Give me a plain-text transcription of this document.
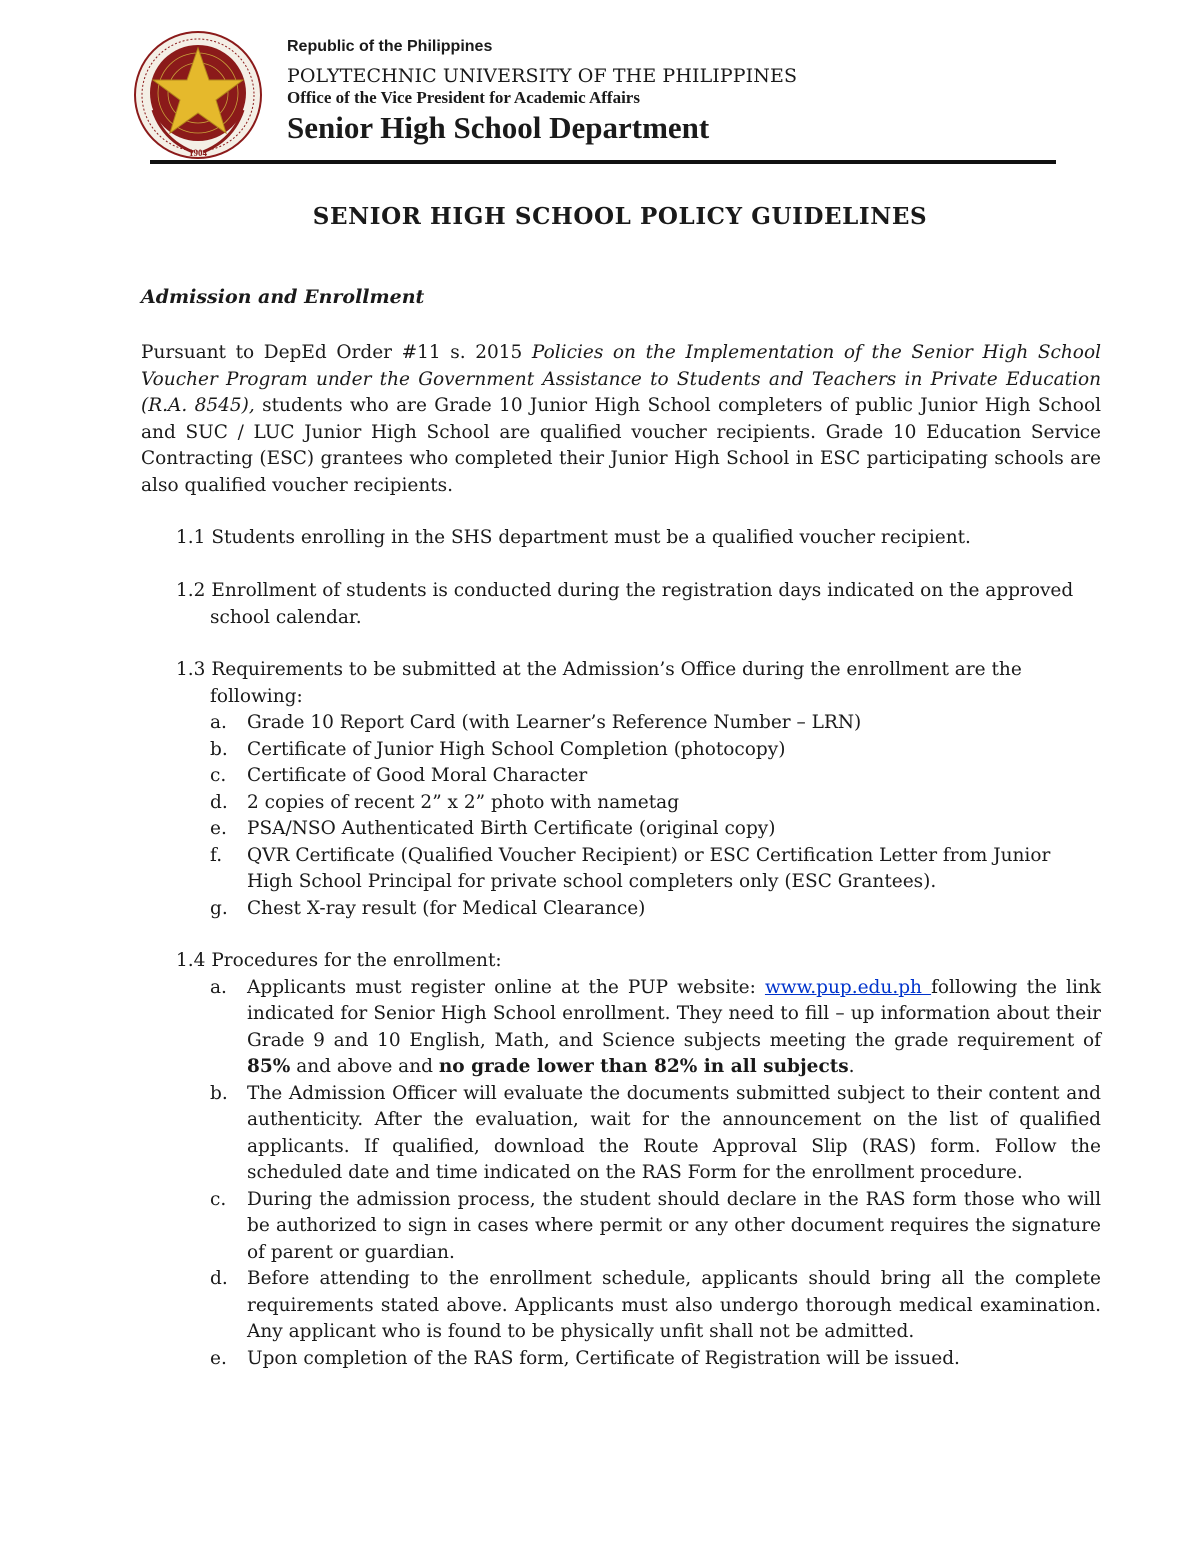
1904
Republic of the Philippines
POLYTECHNIC UNIVERSITY OF THE PHILIPPINES
Office of the Vice President for Academic Affairs
Senior High School Department
SENIOR HIGH SCHOOL POLICY GUIDELINES
Admission and Enrollment
Pursuant to DepEd Order #11 s. 2015 Policies on the Implementation of the Senior High School Voucher Program under the Government Assistance to Students and Teachers in Private Education (R.A. 8545), students who are Grade 10 Junior High School completers of public Junior High School and SUC / LUC Junior High School are qualified voucher recipients. Grade 10 Education Service Contracting (ESC) grantees who completed their Junior High School in ESC participating schools are also qualified voucher recipients.
1.1 Students enrolling in the SHS department must be a qualified voucher recipient.
1.2 Enrollment of students is conducted during the registration days indicated on the approved
school calendar.
1.3 Requirements to be submitted at the Admission’s Office during the enrollment are the
following:
a. Grade 10 Report Card (with Learner’s Reference Number – LRN)
b. Certificate of Junior High School Completion (photocopy)
c. Certificate of Good Moral Character
d. 2 copies of recent 2” x 2” photo with nametag
e. PSA/NSO Authenticated Birth Certificate (original copy)
f. QVR Certificate (Qualified Voucher Recipient) or ESC Certification Letter from Junior High School Principal for private school completers only (ESC Grantees).
g. Chest X-ray result (for Medical Clearance)
1.4 Procedures for the enrollment:
a. Applicants must register online at the PUP website: www.pup.edu.ph following the link indicated for Senior High School enrollment. They need to fill – up information about their Grade 9 and 10 English, Math, and Science subjects meeting the grade requirement of 85% and above and no grade lower than 82% in all subjects.
b. The Admission Officer will evaluate the documents submitted subject to their content and authenticity. After the evaluation, wait for the announcement on the list of qualified applicants. If qualified, download the Route Approval Slip (RAS) form. Follow the scheduled date and time indicated on the RAS Form for the enrollment procedure.
c. During the admission process, the student should declare in the RAS form those who will be authorized to sign in cases where permit or any other document requires the signature of parent or guardian.
d. Before attending to the enrollment schedule, applicants should bring all the complete requirements stated above. Applicants must also undergo thorough medical examination. Any applicant who is found to be physically unfit shall not be admitted.
e. Upon completion of the RAS form, Certificate of Registration will be issued.
